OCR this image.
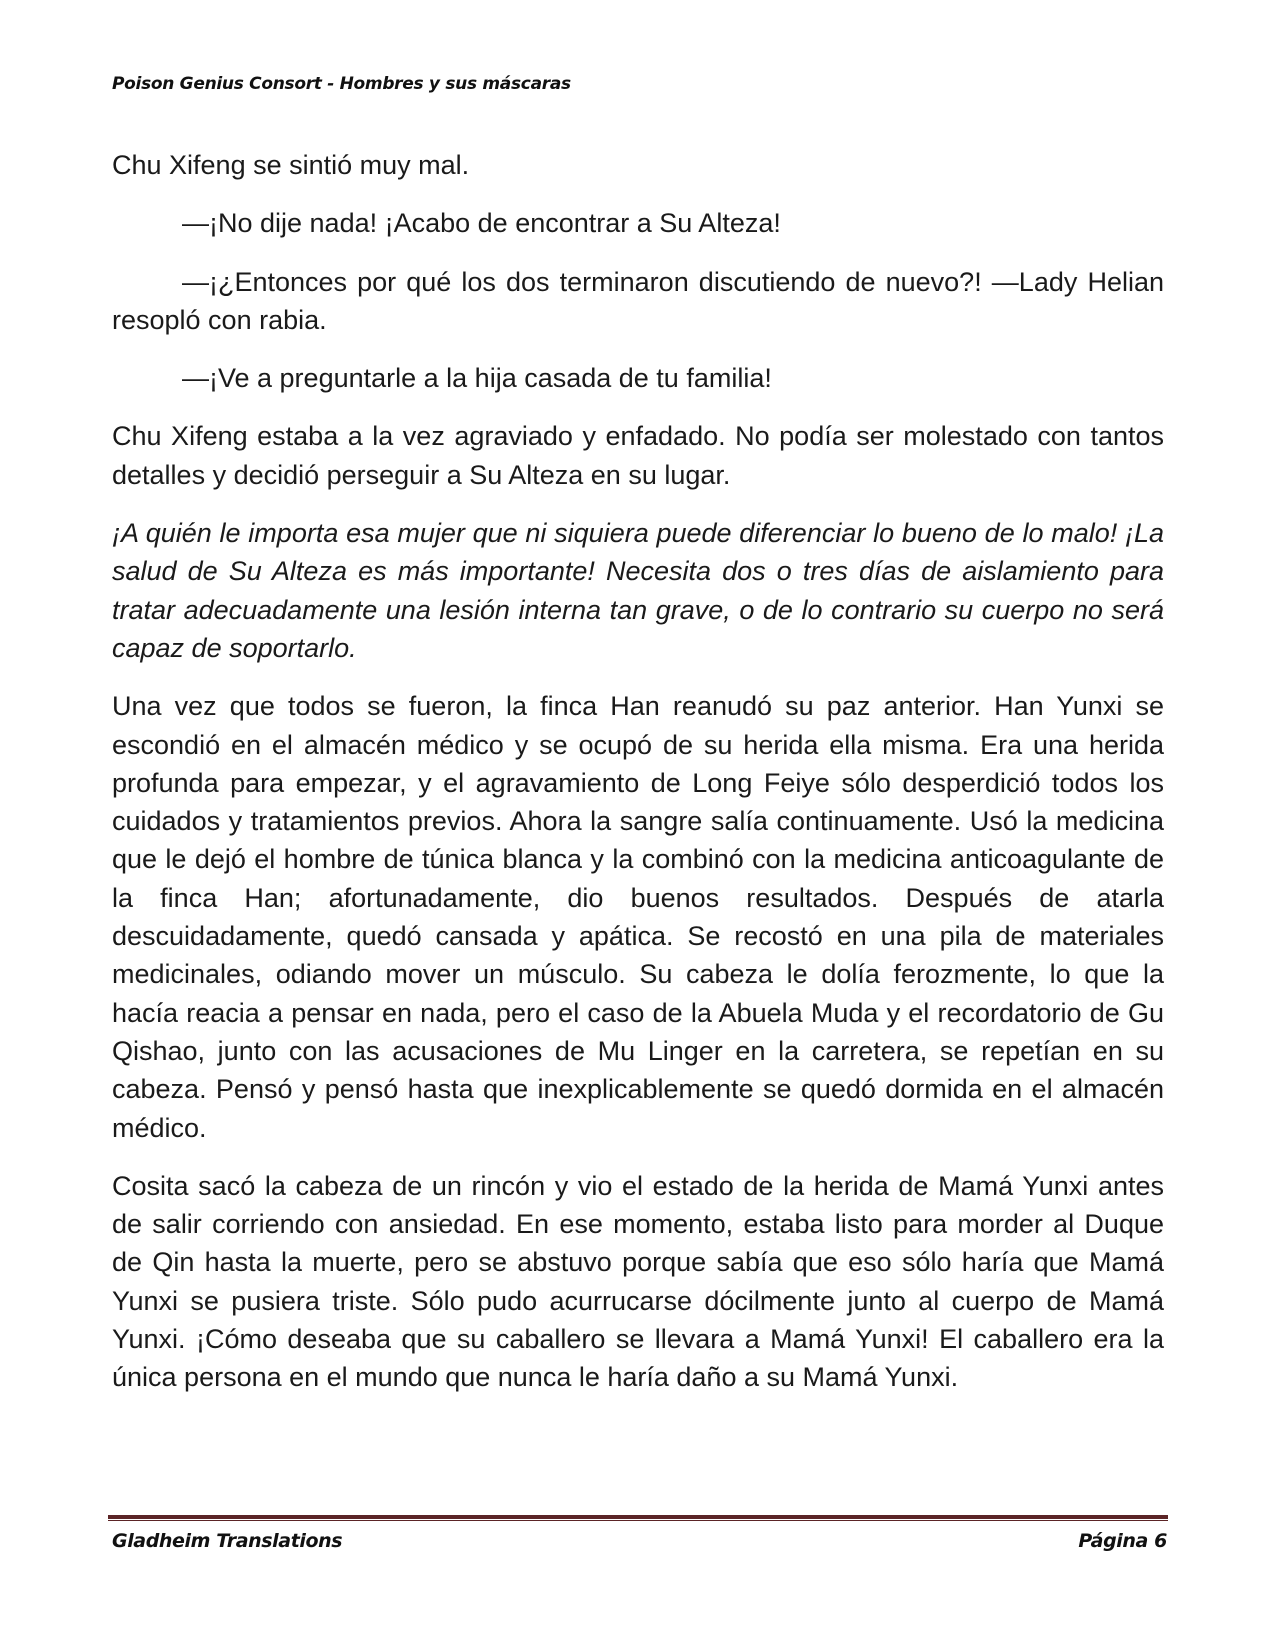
Poison Genius Consort - Hombres y sus máscaras

Chu Xifeng se sintió muy mal.

—¡No dije nada! ¡Acabo de encontrar a Su Alteza!

—¡¿Entonces por qué los dos terminaron discutiendo de nuevo?! —Lady Helian resopló con rabia.

—¡Ve a preguntarle a la hija casada de tu familia!

Chu Xifeng estaba a la vez agraviado y enfadado. No podía ser molestado con tantos detalles y decidió perseguir a Su Alteza en su lugar.

¡A quién le importa esa mujer que ni siquiera puede diferenciar lo bueno de lo malo! ¡La salud de Su Alteza es más importante! Necesita dos o tres días de aislamiento para tratar adecuadamente una lesión interna tan grave, o de lo contrario su cuerpo no será capaz de soportarlo.

Una vez que todos se fueron, la finca Han reanudó su paz anterior. Han Yunxi se escondió en el almacén médico y se ocupó de su herida ella misma. Era una herida profunda para empezar, y el agravamiento de Long Feiye sólo desperdició todos los cuidados y tratamientos previos. Ahora la sangre salía continuamente. Usó la medicina que le dejó el hombre de túnica blanca y la combinó con la medicina anticoagulante de la finca Han; afortunadamente, dio buenos resultados. Después de atarla descuidadamente, quedó cansada y apática. Se recostó en una pila de materiales medicinales, odiando mover un músculo. Su cabeza le dolía ferozmente, lo que la hacía reacia a pensar en nada, pero el caso de la Abuela Muda y el recordatorio de Gu Qishao, junto con las acusaciones de Mu Linger en la carretera, se repetían en su cabeza. Pensó y pensó hasta que inexplicablemente se quedó dormida en el almacén médico.

Cosita sacó la cabeza de un rincón y vio el estado de la herida de Mamá Yunxi antes de salir corriendo con ansiedad. En ese momento, estaba listo para morder al Duque de Qin hasta la muerte, pero se abstuvo porque sabía que eso sólo haría que Mamá Yunxi se pusiera triste. Sólo pudo acurrucarse dócilmente junto al cuerpo de Mamá Yunxi. ¡Cómo deseaba que su caballero se llevara a Mamá Yunxi! El caballero era la única persona en el mundo que nunca le haría daño a su Mamá Yunxi.

Gladheim Translations	Página 6
